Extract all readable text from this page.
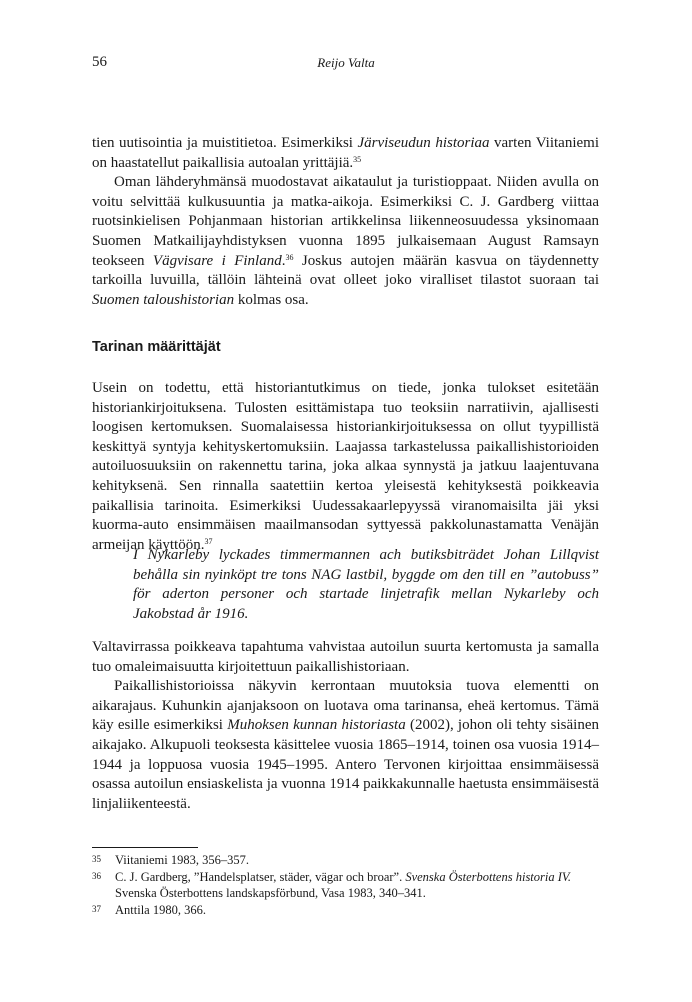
56	Reijo Valta

tien uutisointia ja muistitietoa. Esimerkiksi Järviseudun historiaa varten Viitaniemi on haastatellut paikallisia autoalan yrittäjiä.$^{35}$

Oman lähderyhmänsä muodostavat aikataulut ja turistioppaat. Niiden avulla on voitu selvittää kulkusuuntia ja matka-aikoja. Esimerkiksi C. J. Gardberg viittaa ruotsinkielisen Pohjanmaan historian artikkelinsa liikenneosuudessa yksinomaan Suomen Matkailijayhdistyksen vuonna 1895 julkaisemaan August Ramsayn teokseen Vägvisare i Finland.$^{36}$ Joskus autojen määrän kasvua on täydennetty tarkoilla luvuilla, tällöin lähteinä ovat olleet joko viralliset tilastot suoraan tai Suomen taloushistorian kolmas osa.

Tarinan määrittäjät

Usein on todettu, että historiantutkimus on tiede, jonka tulokset esitetään historiankirjoituksena. Tulosten esittämistapa tuo teoksiin narratiivin, ajallisesti loogisen kertomuksen. Suomalaisessa historiankirjoituksessa on ollut tyypillistä keskittyä syntyja kehityskertomuksiin. Laajassa tarkastelussa paikallishistorioiden autoiluosuuksiin on rakennettu tarina, joka alkaa synnystä ja jatkuu laajentuvana kehityksenä. Sen rinnalla saatettiin kertoa yleisestä kehityksestä poikkeavia paikallisia tarinoita. Esimerkiksi Uudessakaarlepyyssä viranomaisilta jäi yksi kuorma-auto ensimmäisen maailmansodan syttyessä pakkolunastamatta Venäjän armeijan käyttöön.$^{37}$

I Nykarleby lyckades timmermannen ach butiksbiträdet Johan Lillqvist behålla sin nyinköpt tre tons NAG lastbil, byggde om den till en ”autobuss” för aderton personer och startade linjetrafik mellan Nykarleby och Jakobstad år 1916.

Valtavirrassa poikkeava tapahtuma vahvistaa autoilun suurta kertomusta ja samalla tuo omaleimaisuutta kirjoitettuun paikallishistoriaan.

Paikallishistorioissa näkyvin kerrontaan muutoksia tuova elementti on aikarajaus. Kuhunkin ajanjaksoon on luotava oma tarinansa, eheä kertomus. Tämä käy esille esimerkiksi Muhoksen kunnan historiasta (2002), johon oli tehty sisäinen aikajako. Alkupuoli teoksesta käsittelee vuosia 1865–1914, toinen osa vuosia 1914–1944 ja loppuosa vuosia 1945–1995. Antero Tervonen kirjoittaa ensimmäisessä osassa autoilun ensiaskelista ja vuonna 1914 paikkakunnalle haetusta ensimmäisestä linjaliikenteestä.

35	Viitaniemi 1983, 356–357.
36	C. J. Gardberg, ”Handelsplatser, städer, vägar och broar”. Svenska Österbottens historia IV. Svenska Österbottens landskapsförbund, Vasa 1983, 340–341.
37	Anttila 1980, 366.
